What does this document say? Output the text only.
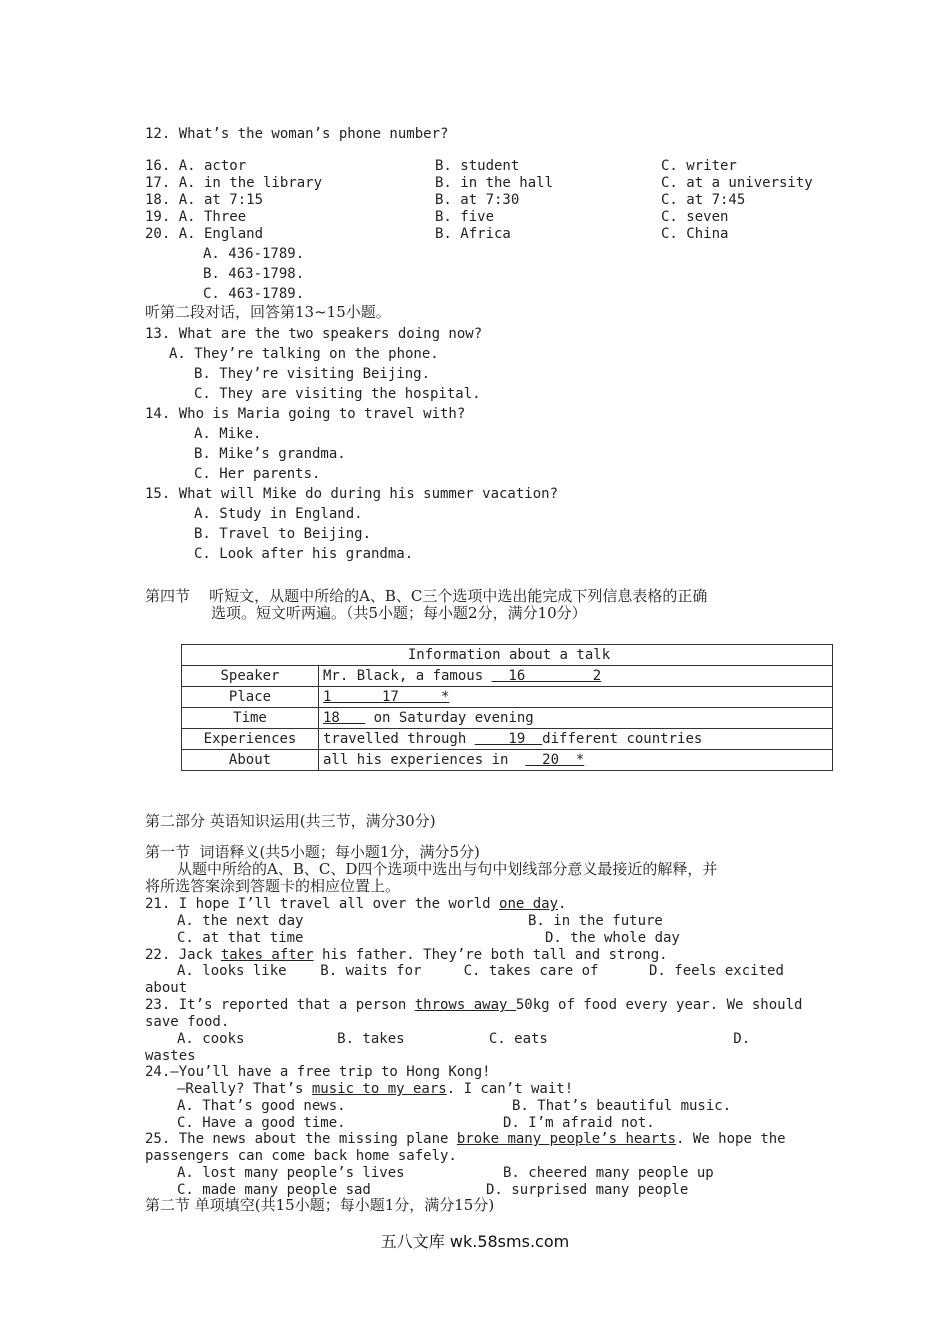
12. What’s the woman’s phone number?
16. A. actor	B. student	C. writer
17. A. in the library	B. in the hall	C. at a university
18. A. at 7:15	B. at 7:30	C. at 7:45
19. A. Three	B. five	C. seven
20. A. England	B. Africa	C. China
A. 436-1789.
B. 463-1798.
C. 463-1789.
听第二段对话，回答第13~15小题。
13. What are the two speakers doing now?
A. They’re talking on the phone.
B. They’re visiting Beijing.
C. They are visiting the hospital.
14. Who is Maria going to travel with?
A. Mike.
B. Mike’s grandma.
C. Her parents.
15. What will Mike do during his summer vacation?
A. Study in England.
B. Travel to Beijing.
C. Look after his grandma.
第四节    听短文，从题中所给的A、B、C三个选项中选出能完成下列信息表格的正确
选项。短文听两遍。（共5小题；每小题2分，满分10分）
Information about a talk	
Speaker	Mr. Black, a famous   16        2
Place	1      17     *
Time	18    on Saturday evening
Experiences	travelled through     19  different countries
About	all his experiences in    20  *
第二部分 英语知识运用(共三节，满分30分)
第一节  词语释义(共5小题；每小题1分，满分5分)
从题中所给的A、B、C、D四个选项中选出与句中划线部分意义最接近的解释，并
将所选答案涂到答题卡的相应位置上。
21. I hope I’ll travel all over the world one day.
A. the next day	B. in the future
C. at that time	D. the whole day
22. Jack takes after his father. They’re both tall and strong.
A. looks like    B. waits for     C. takes care of      D. feels excited
about
23. It’s reported that a person throws away 50kg of food every year. We should
save food.
A. cooks           B. takes          C. eats                      D.
wastes
24.—You’ll have a free trip to Hong Kong!
—Really? That’s music to my ears. I can’t wait!
A. That’s good news.	B. That’s beautiful music.
C. Have a good time.	D. I’m afraid not.
25. The news about the missing plane broke many people’s hearts. We hope the
passengers can come back home safely.
A. lost many people’s lives	B. cheered many people up
C. made many people sad	D. surprised many people
第二节 单项填空(共15小题；每小题1分，满分15分)
五八文库 wk.58sms.com
